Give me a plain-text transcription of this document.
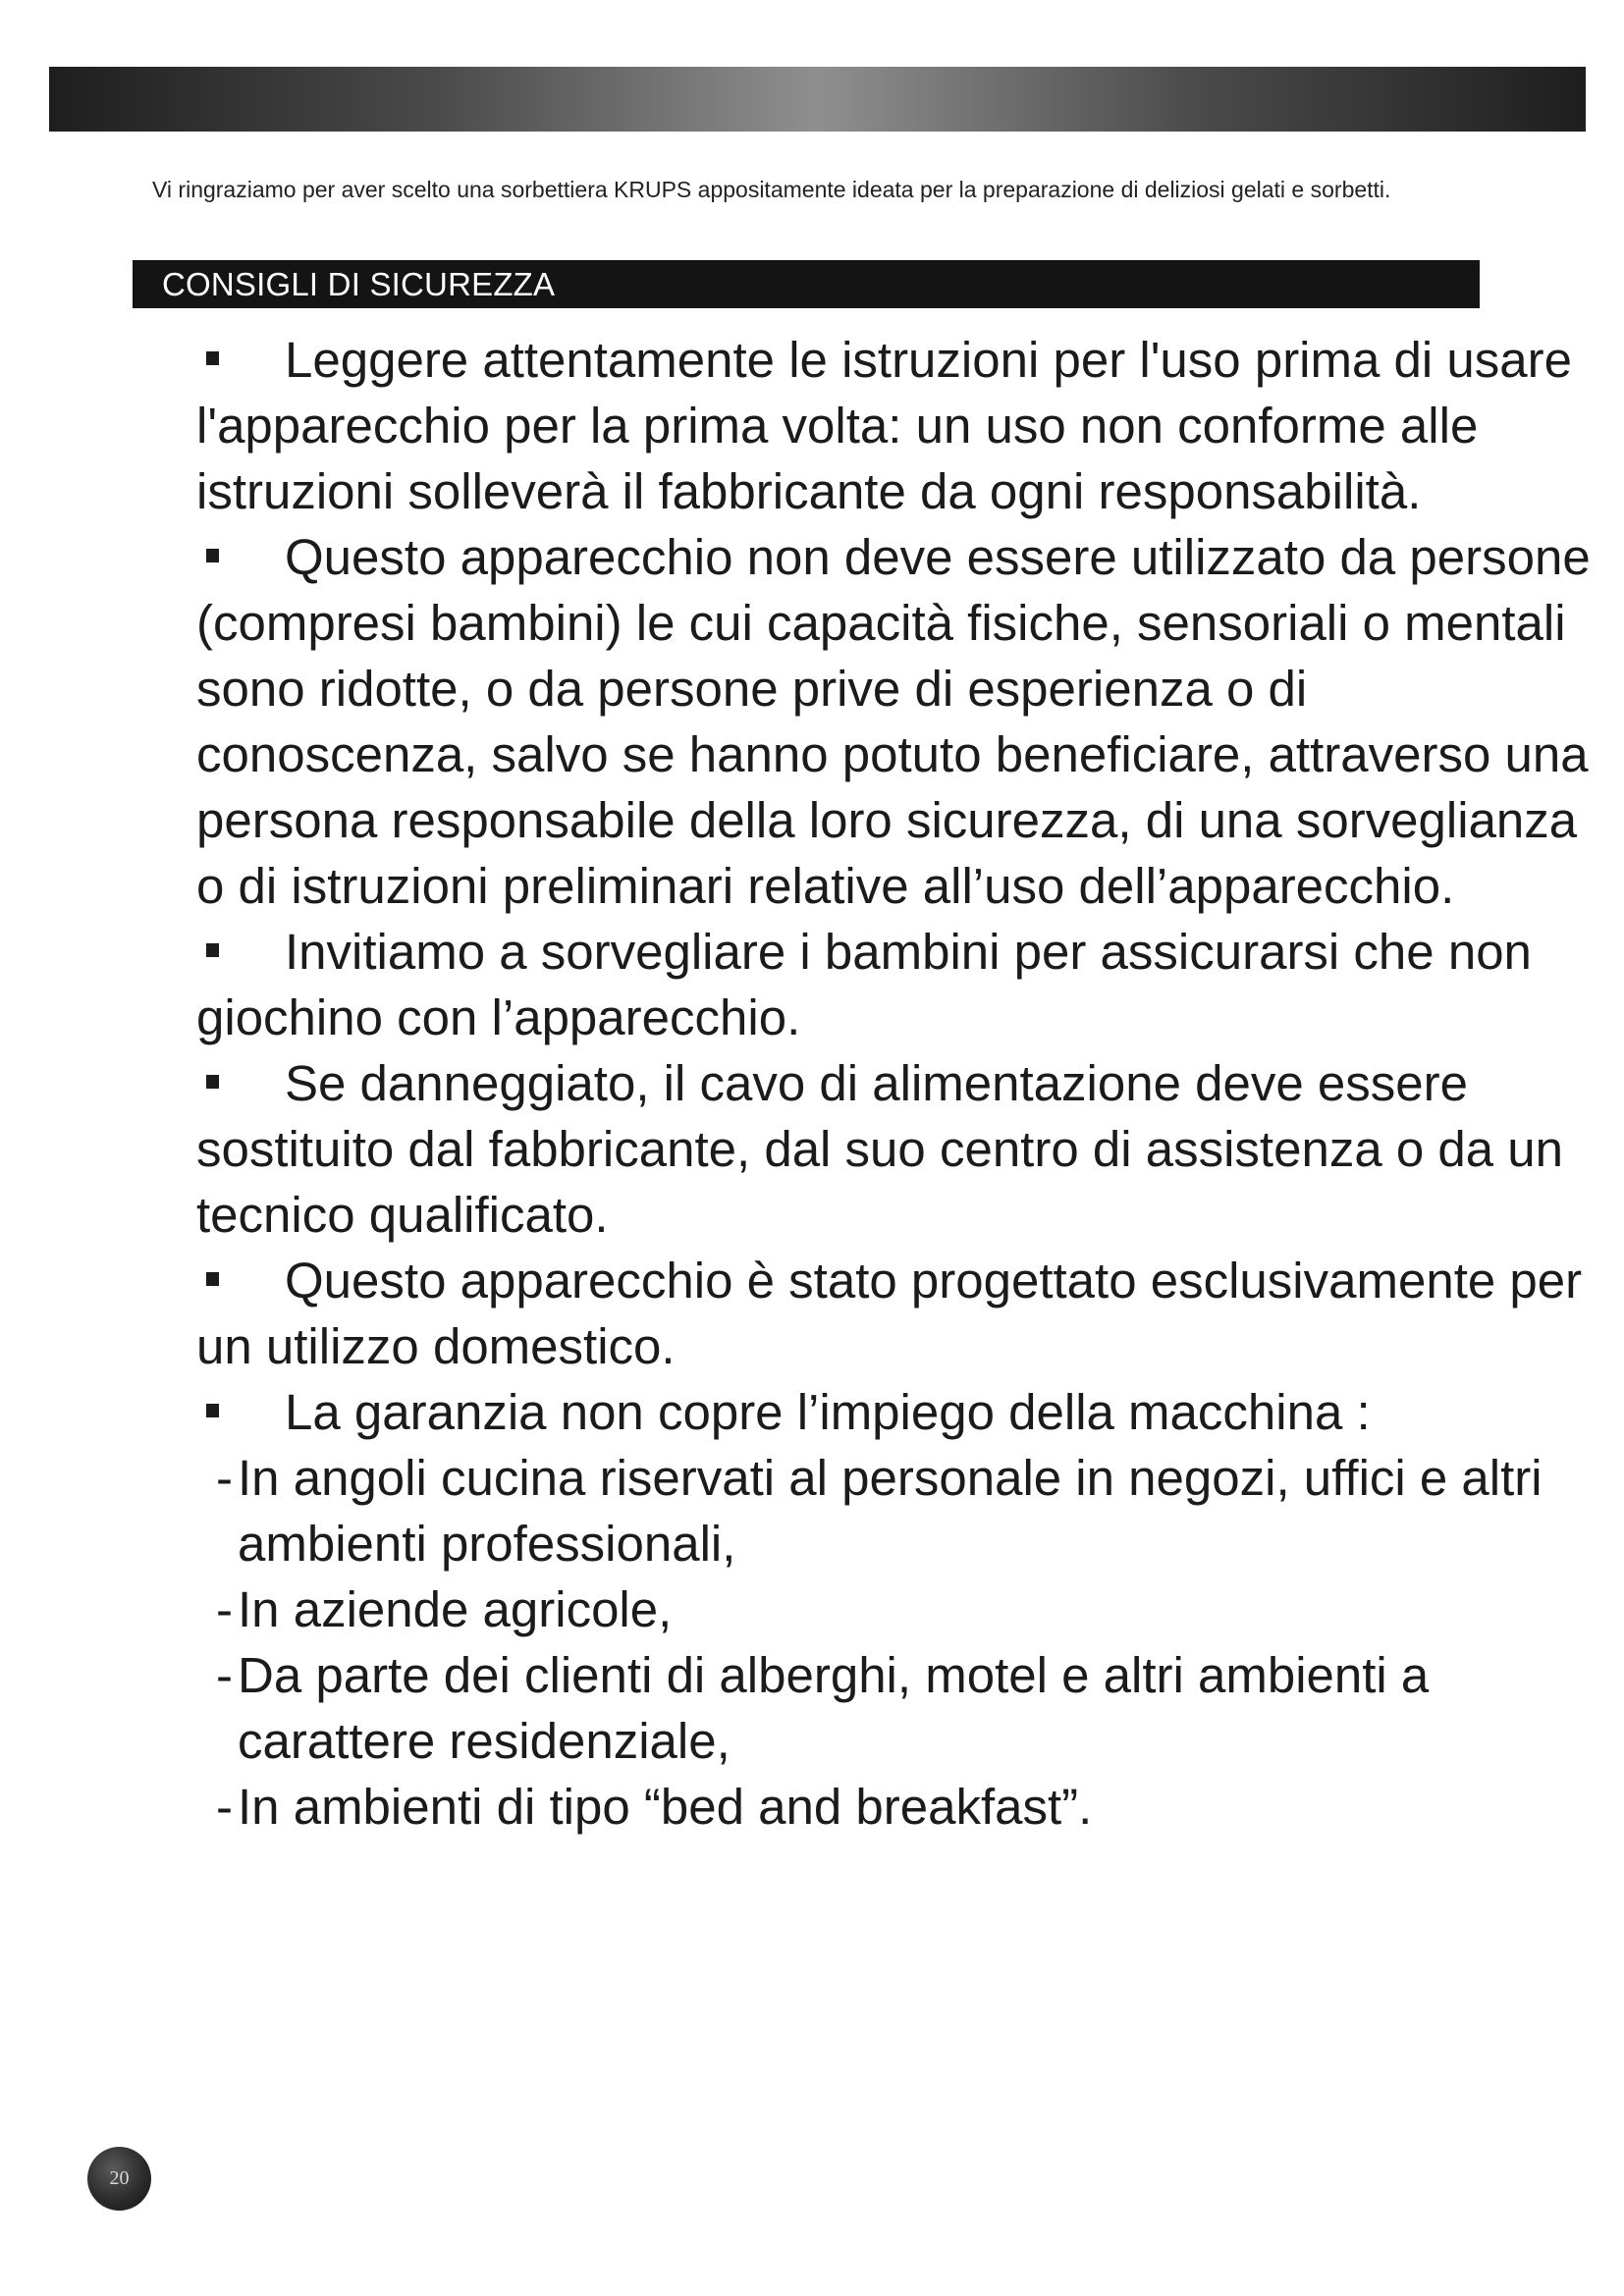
Vi ringraziamo per aver scelto una sorbettiera KRUPS appositamente ideata per la preparazione di deliziosi gelati e sorbetti.

CONSIGLI DI SICUREZZA
Leggere attentamente le istruzioni per l'uso prima di usare l'apparecchio per la prima volta: un uso non conforme alle istruzioni solleverà il fabbricante da ogni responsabilità.
Questo apparecchio non deve essere utilizzato da persone (compresi bambini) le cui capacità fisiche, sensoriali o mentali sono ridotte, o da persone prive di esperienza o di conoscenza, salvo se hanno potuto beneficiare, attraverso una persona responsabile della loro sicurezza, di una sorveglianza o di istruzioni preliminari relative all’uso dell’apparecchio.
Invitiamo a sorvegliare i bambini per assicurarsi che non giochino con l’apparecchio.
Se danneggiato, il cavo di alimentazione deve essere sostituito dal fabbricante, dal suo centro di assistenza o da un tecnico qualificato.
Questo apparecchio è stato progettato esclusivamente per un utilizzo domestico.
La garanzia non copre l’impiego della macchina :
-In angoli cucina riservati al personale in negozi, uffici e altri ambienti professionali,
-In aziende agricole,
-Da parte dei clienti di alberghi, motel e altri ambienti a carattere residenziale,
-In ambienti di tipo “bed and breakfast”.
20
